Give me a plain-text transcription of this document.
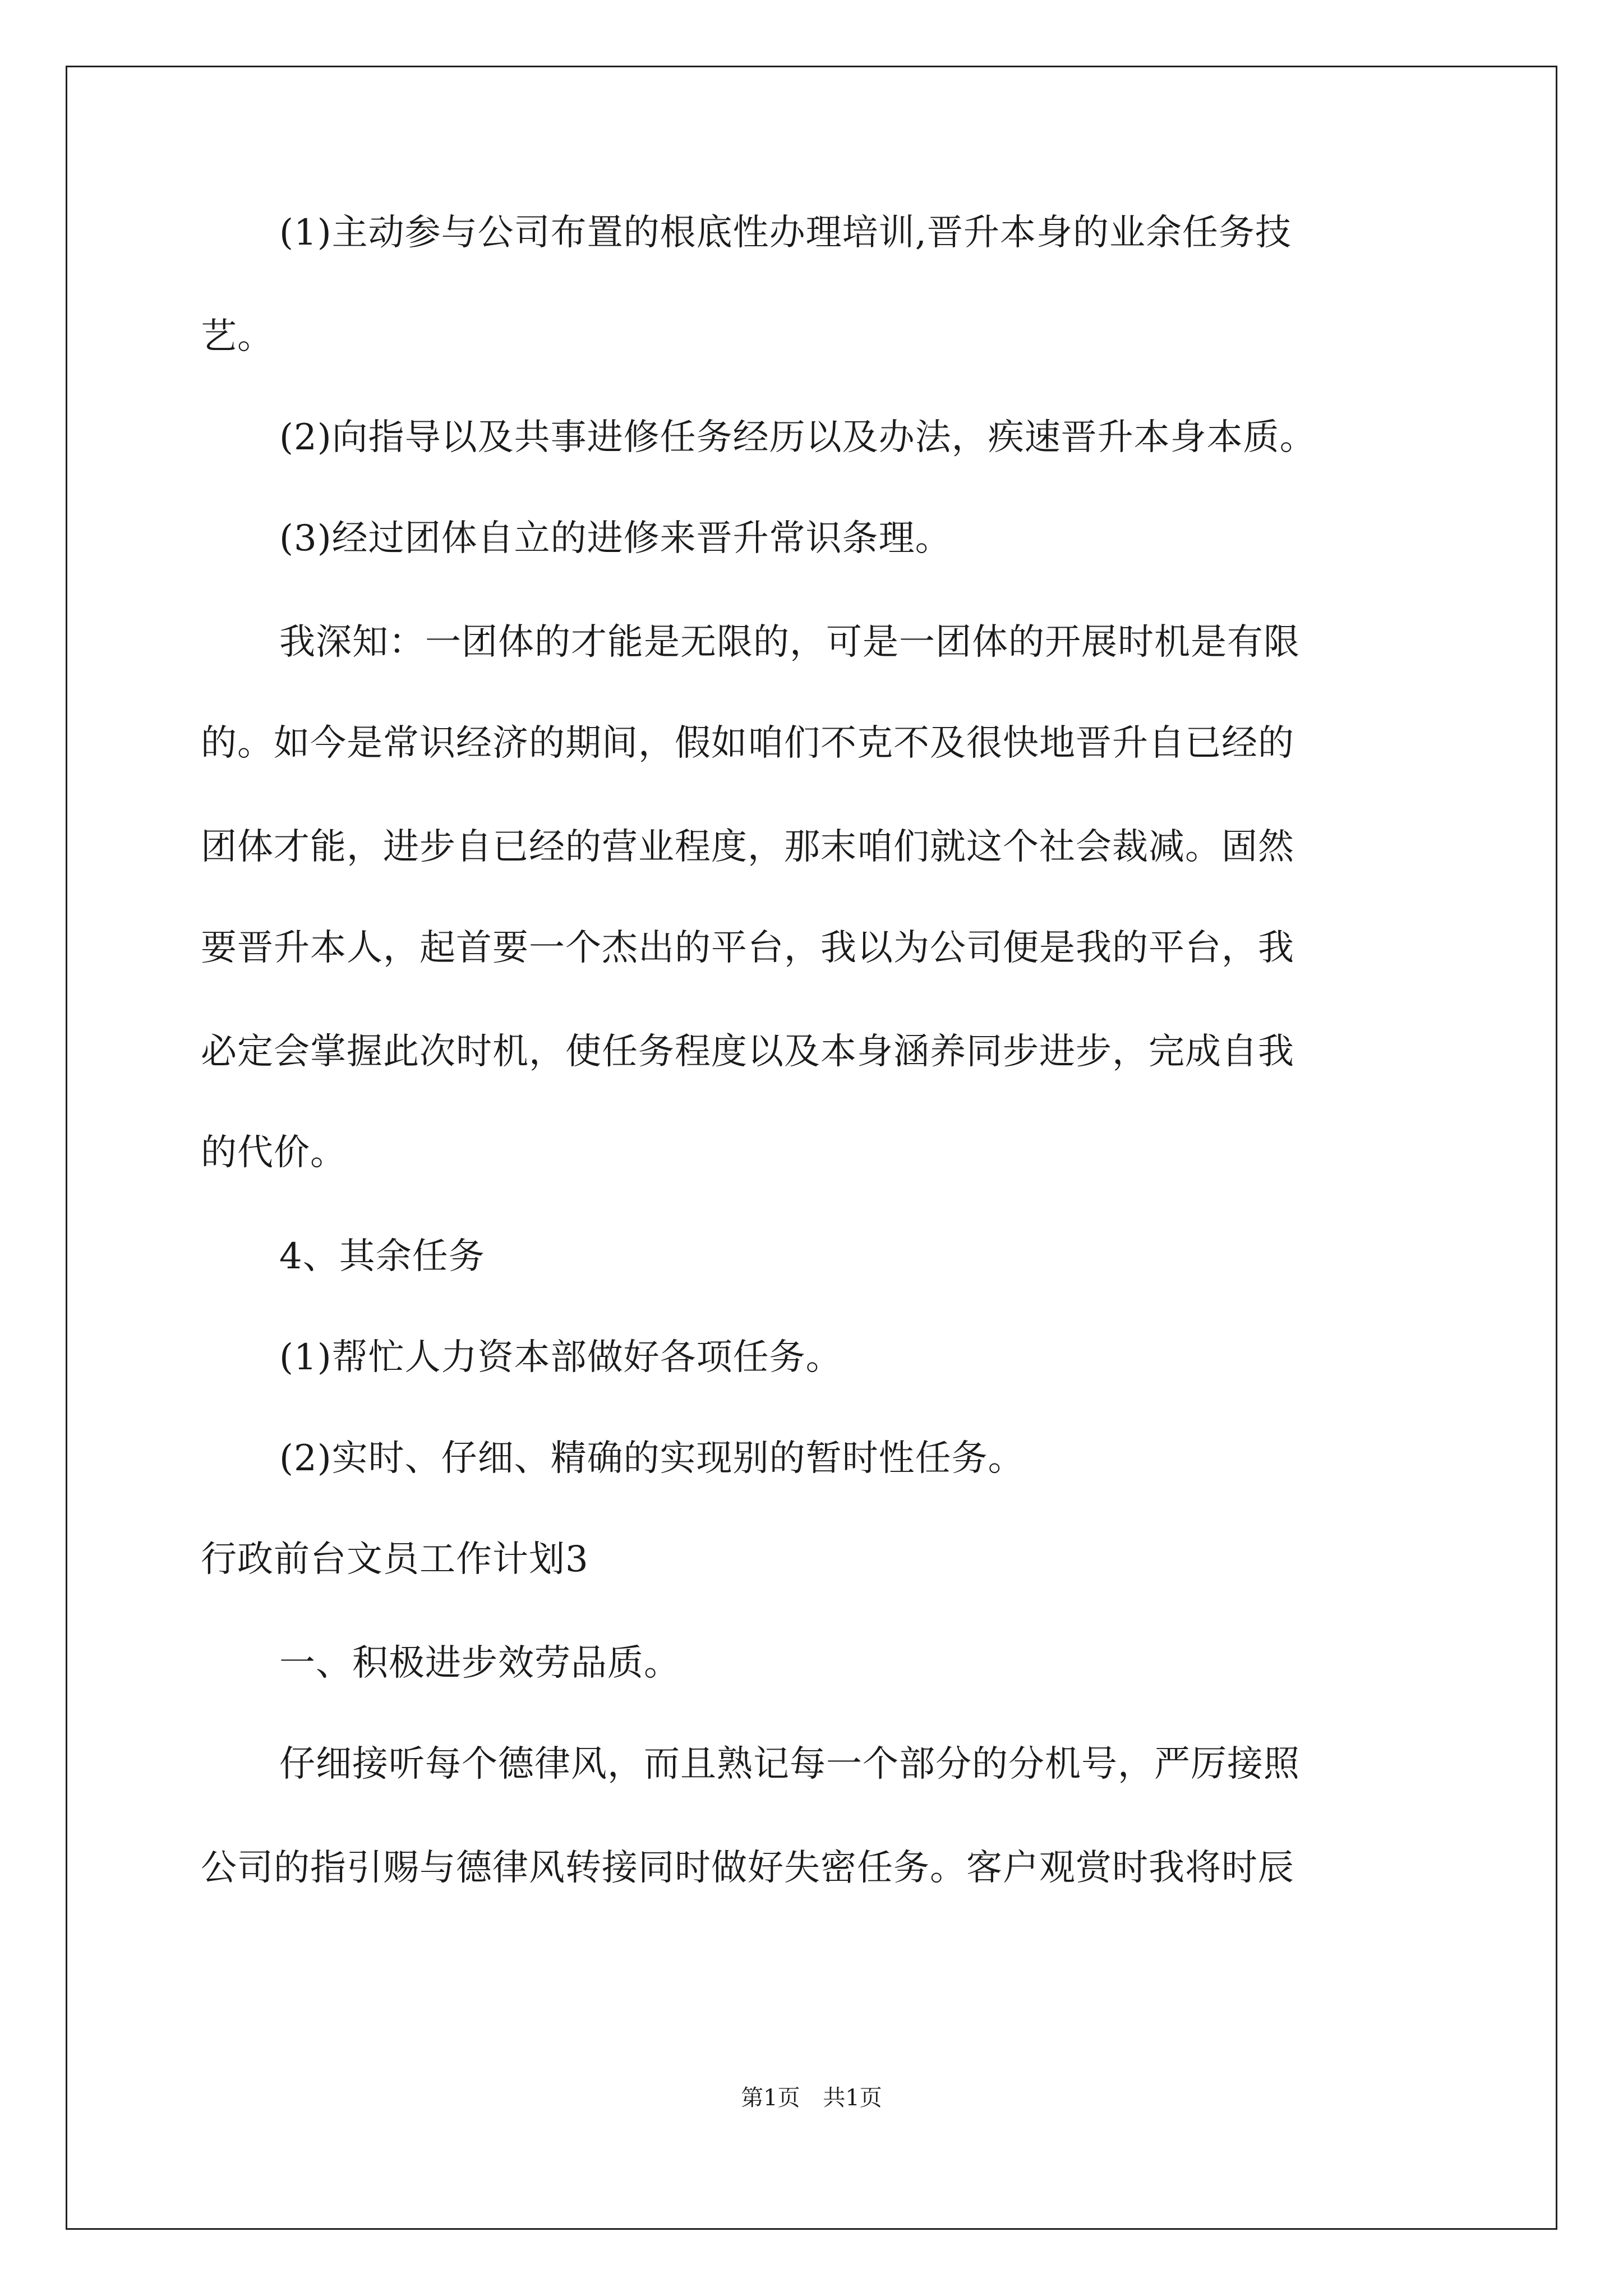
(1)主动参与公司布置的根底性办理培训,晋升本身的业余任务技
艺。
(2)向指导以及共事进修任务经历以及办法，疾速晋升本身本质。
(3)经过团体自立的进修来晋升常识条理。
我深知：一团体的才能是无限的，可是一团体的开展时机是有限
的。如今是常识经济的期间，假如咱们不克不及很快地晋升自已经的
团体才能，进步自已经的营业程度，那末咱们就这个社会裁减。固然
要晋升本人，起首要一个杰出的平台，我以为公司便是我的平台，我
必定会掌握此次时机，使任务程度以及本身涵养同步进步，完成自我
的代价。
4、其余任务
(1)帮忙人力资本部做好各项任务。
(2)实时、仔细、精确的实现别的暂时性任务。
行政前台文员工作计划3
一、积极进步效劳品质。
仔细接听每个德律风，而且熟记每一个部分的分机号，严厉接照
公司的指引赐与德律风转接同时做好失密任务。客户观赏时我将时辰
第1页 共1页
